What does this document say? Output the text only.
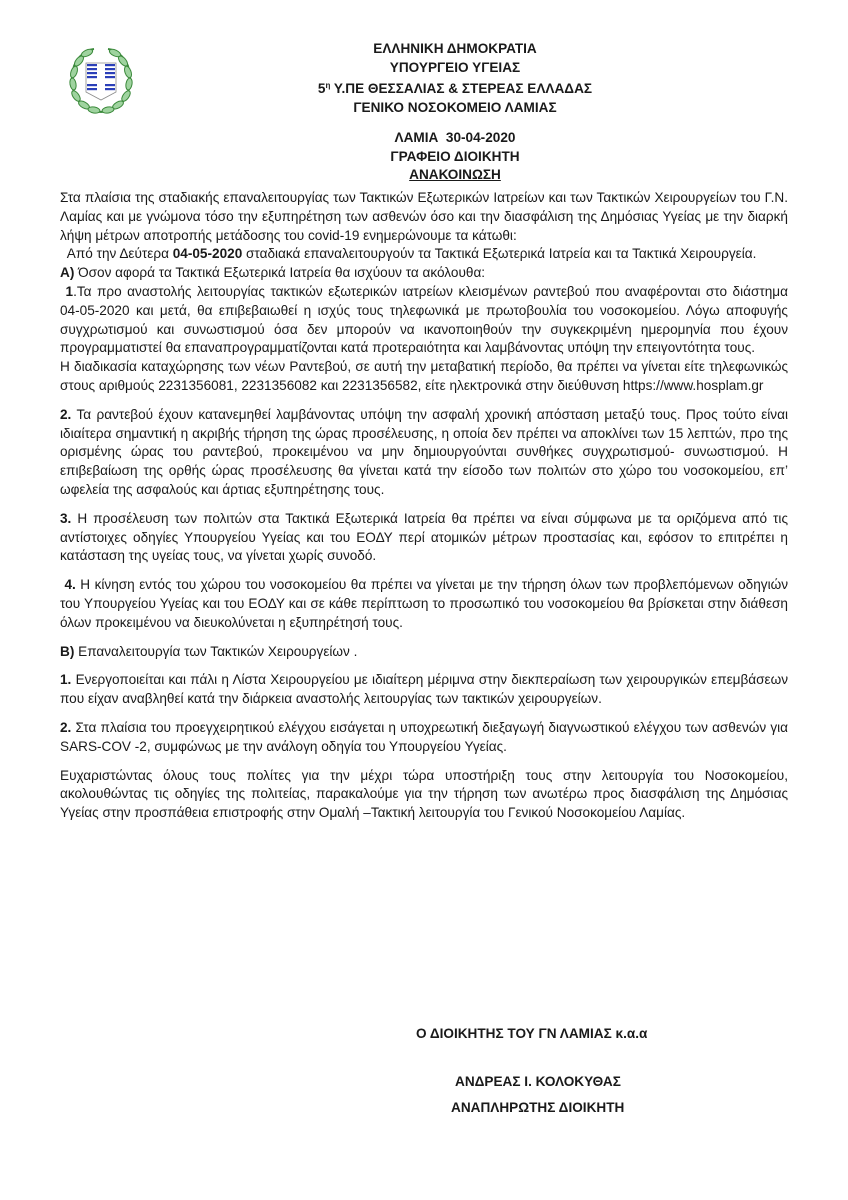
ΕΛΛΗΝΙΚΗ ΔΗΜΟΚΡΑΤΙΑ
ΥΠΟΥΡΓΕΙΟ ΥΓΕΙΑΣ
$5^\eta$ Υ.ΠΕ ΘΕΣΣΑΛΙΑΣ & ΣΤΕΡΕΑΣ ΕΛΛΑΔΑΣ
ΓΕΝΙΚΟ ΝΟΣΟΚΟΜΕΙΟ ΛΑΜΙΑΣ
ΛΑΜΙΑ  30-04-2020
ΓΡΑΦΕΙΟ ΔΙΟΙΚΗΤΗ
ΑΝΑΚΟΙΝΩΣΗ

Στα πλαίσια της σταδιακής επαναλειτουργίας των Τακτικών Εξωτερικών Ιατρείων και των Τακτικών Χειρουργείων του Γ.Ν. Λαμίας και με γνώμονα τόσο την εξυπηρέτηση των ασθενών όσο και την διασφάλιση της Δημόσιας Υγείας με την διαρκή λήψη μέτρων αποτροπής μετάδοσης του covid-19 ενημερώνουμε τα κάτωθι:

Από την Δεύτερα 04-05-2020 σταδιακά επαναλειτουργούν τα Τακτικά Εξωτερικά Ιατρεία και τα Τακτικά Χειρουργεία.

Α) Όσον αφορά τα Τακτικά Εξωτερικά Ιατρεία θα ισχύουν τα ακόλουθα:

1.Τα προ αναστολής λειτουργίας τακτικών εξωτερικών ιατρείων κλεισμένων ραντεβού που αναφέρονται στο διάστημα 04-05-2020 και μετά, θα επιβεβαιωθεί η ισχύς τους τηλεφωνικά με πρωτοβουλία του νοσοκομείου. Λόγω αποφυγής συγχρωτισμού και συνωστισμού όσα δεν μπορούν να ικανοποιηθούν την συγκεκριμένη ημερομηνία που έχουν προγραμματιστεί θα επαναπρογραμματίζονται κατά προτεραιότητα και λαμβάνοντας υπόψη την επειγοντότητα τους.

Η διαδικασία καταχώρησης των νέων Ραντεβού, σε αυτή την μεταβατική περίοδο, θα πρέπει να γίνεται είτε τηλεφωνικώς στους αριθμούς 2231356081, 2231356082 και 2231356582, είτε ηλεκτρονικά στην διεύθυνση https://www.hosplam.gr

2. Τα ραντεβού έχουν κατανεμηθεί λαμβάνοντας υπόψη την ασφαλή χρονική απόσταση μεταξύ τους. Προς τούτο είναι ιδιαίτερα σημαντική η ακριβής τήρηση της ώρας προσέλευσης, η οποία δεν πρέπει να αποκλίνει των 15 λεπτών, προ της ορισμένης ώρας του ραντεβού, προκειμένου να μην δημιουργούνται συνθήκες συγχρωτισμού- συνωστισμού. Η επιβεβαίωση της ορθής ώρας προσέλευσης θα γίνεται κατά την είσοδο των πολιτών στο χώρο του νοσοκομείου, επ’ ωφελεία της ασφαλούς και άρτιας εξυπηρέτησης τους.

3. Η προσέλευση των πολιτών στα Τακτικά Εξωτερικά Ιατρεία θα πρέπει να είναι σύμφωνα με τα οριζόμενα από τις αντίστοιχες οδηγίες Υπουργείου Υγείας και του ΕΟΔΥ περί ατομικών μέτρων προστασίας και, εφόσον το επιτρέπει η κατάσταση της υγείας τους, να γίνεται χωρίς συνοδό.

4. Η κίνηση εντός του χώρου του νοσοκομείου θα πρέπει να γίνεται με την τήρηση όλων των προβλεπόμενων οδηγιών του Υπουργείου Υγείας και του ΕΟΔΥ και σε κάθε περίπτωση το προσωπικό του νοσοκομείου θα βρίσκεται στην διάθεση όλων προκειμένου να διευκολύνεται η εξυπηρέτησή τους.

Β) Επαναλειτουργία των Τακτικών Χειρουργείων .

1. Ενεργοποιείται και πάλι η Λίστα Χειρουργείου με ιδιαίτερη μέριμνα στην διεκπεραίωση των χειρουργικών επεμβάσεων που είχαν αναβληθεί κατά την διάρκεια αναστολής λειτουργίας των τακτικών χειρουργείων.

2. Στα πλαίσια του προεγχειρητικού ελέγχου εισάγεται η υποχρεωτική διεξαγωγή διαγνωστικού ελέγχου των ασθενών για SARS-COV -2, συμφώνως με την ανάλογη οδηγία του Υπουργείου Υγείας.

Ευχαριστώντας όλους τους πολίτες για την μέχρι τώρα υποστήριξη τους στην λειτουργία του Νοσοκομείου, ακολουθώντας τις οδηγίες της πολιτείας, παρακαλούμε για την τήρηση των ανωτέρω προς διασφάλιση της Δημόσιας Υγείας στην προσπάθεια επιστροφής στην Ομαλή –Τακτική λειτουργία του Γενικού Νοσοκομείου Λαμίας.

Ο ΔΙΟΙΚΗΤΗΣ ΤΟΥ ΓΝ ΛΑΜΙΑΣ κ.α.α
ΑΝΔΡΕΑΣ Ι. ΚΟΛΟΚΥΘΑΣ
ΑΝΑΠΛΗΡΩΤΗΣ ΔΙΟΙΚΗΤΗ
